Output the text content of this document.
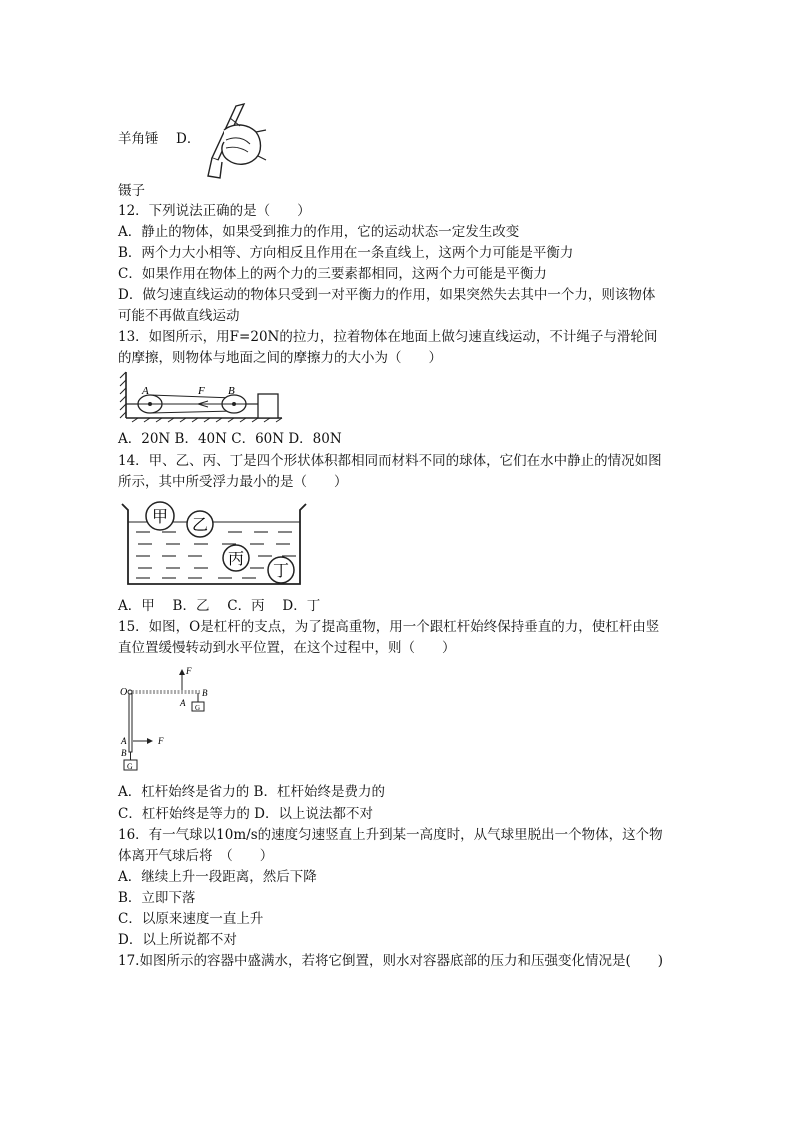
羊角锤 D．
镊子
12．下列说法正确的是（　　）
A．静止的物体，如果受到推力的作用，它的运动状态一定发生改变
B．两个力大小相等、方向相反且作用在一条直线上，这两个力可能是平衡力
C．如果作用在物体上的两个力的三要素都相同，这两个力可能是平衡力
D．做匀速直线运动的物体只受到一对平衡力的作用，如果突然失去其中一个力，则该物体
可能不再做直线运动
13．如图所示，用F=20N的拉力，拉着物体在地面上做匀速直线运动，不计绳子与滑轮间
的摩擦，则物体与地面之间的摩擦力的大小为（　　）
A	F B
A．20N B．40N C．60N D．80N
14．甲、乙、丙、丁是四个形状体积都相同而材料不同的球体，它们在水中静止的情况如图
所示，其中所受浮力最小的是（　　）
甲 乙
丙
丁
A．甲　 B．乙　 C．丙　 D．丁
15．如图，O是杠杆的支点，为了提高重物，用一个跟杠杆始终保持垂直的力，使杠杆由竖
直位置缓慢转动到水平位置，在这个过程中，则（　　）
O
F
B
A G
A	F
B
G
A．杠杆始终是省力的 B．杠杆始终是费力的
C．杠杆始终是等力的 D．以上说法都不对
16．有一气球以10m/s的速度匀速竖直上升到某一高度时，从气球里脱出一个物体，这个物
体离开气球后将　（　　）
A．继续上升一段距离，然后下降
B．立即下落
C．以原来速度一直上升
D．以上所说都不对
17.如图所示的容器中盛满水，若将它倒置，则水对容器底部的压力和压强变化情况是(　　)
